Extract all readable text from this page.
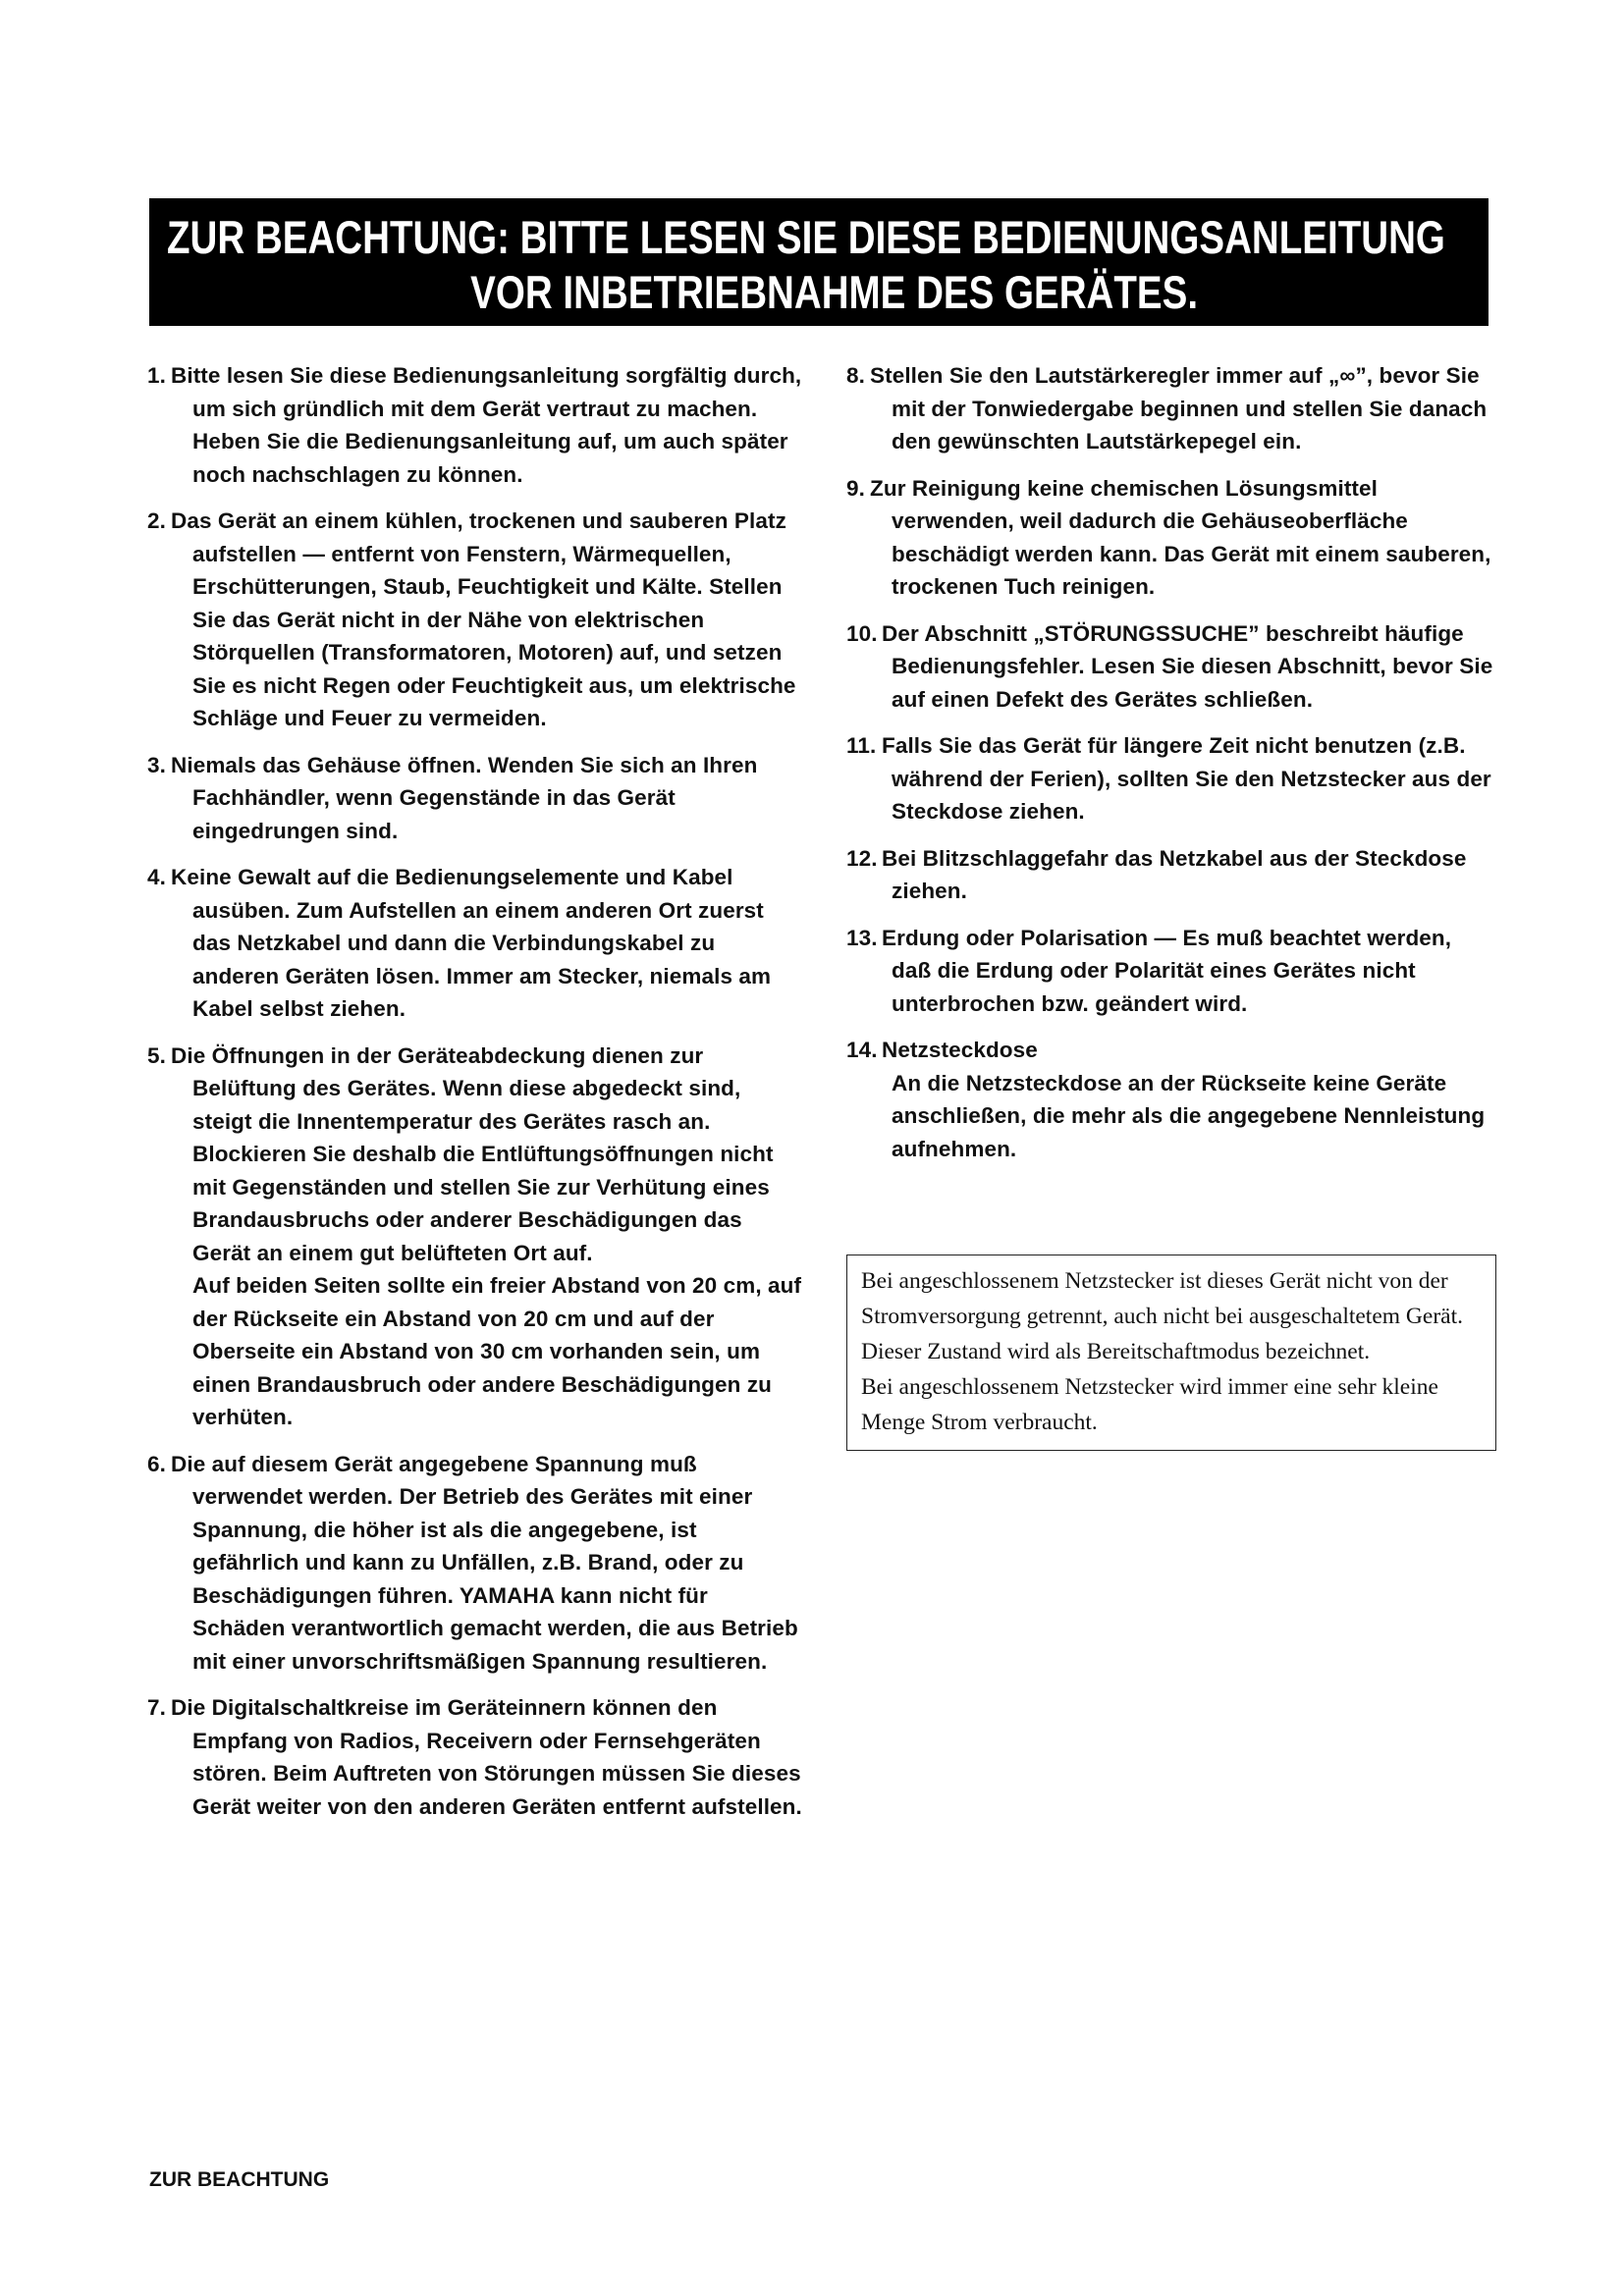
ZUR BEACHTUNG: BITTE LESEN SIE DIESE BEDIENUNGSANLEITUNG
VOR INBETRIEBNAHME DES GERÄTES.
1. Bitte lesen Sie diese Bedienungsanleitung sorgfältig durch, um sich gründlich mit dem Gerät vertraut zu machen. Heben Sie die Bedienungsanleitung auf, um auch später noch nachschlagen zu können.
2. Das Gerät an einem kühlen, trockenen und sauberen Platz aufstellen — entfernt von Fenstern, Wärmequellen, Erschütterungen, Staub, Feuchtigkeit und Kälte. Stellen Sie das Gerät nicht in der Nähe von elektrischen Störquellen (Transformatoren, Motoren) auf, und setzen Sie es nicht Regen oder Feuchtigkeit aus, um elektrische Schläge und Feuer zu vermeiden.
3. Niemals das Gehäuse öffnen. Wenden Sie sich an Ihren Fachhändler, wenn Gegenstände in das Gerät eingedrungen sind.
4. Keine Gewalt auf die Bedienungselemente und Kabel ausüben. Zum Aufstellen an einem anderen Ort zuerst das Netzkabel und dann die Verbindungskabel zu anderen Geräten lösen. Immer am Stecker, niemals am Kabel selbst ziehen.
5. Die Öffnungen in der Geräteabdeckung dienen zur Belüftung des Gerätes. Wenn diese abgedeckt sind, steigt die Innentemperatur des Gerätes rasch an. Blockieren Sie deshalb die Entlüftungsöffnungen nicht mit Gegenständen und stellen Sie zur Verhütung eines Brandausbruchs oder anderer Beschädigungen das Gerät an einem gut belüfteten Ort auf.

Auf beiden Seiten sollte ein freier Abstand von 20 cm, auf der Rückseite ein Abstand von 20 cm und auf der Oberseite ein Abstand von 30 cm vorhanden sein, um einen Brandausbruch oder andere Beschädigungen zu verhüten.

6. Die auf diesem Gerät angegebene Spannung muß verwendet werden. Der Betrieb des Gerätes mit einer Spannung, die höher ist als die angegebene, ist gefährlich und kann zu Unfällen, z.B. Brand, oder zu Beschädigungen führen. YAMAHA kann nicht für Schäden verantwortlich gemacht werden, die aus Betrieb mit einer unvorschriftsmäßigen Spannung resultieren.
7. Die Digitalschaltkreise im Geräteinnern können den Empfang von Radios, Receivern oder Fernsehgeräten stören. Beim Auftreten von Störungen müssen Sie dieses Gerät weiter von den anderen Geräten entfernt aufstellen.
8. Stellen Sie den Lautstärkeregler immer auf „∞”, bevor Sie mit der Tonwiedergabe beginnen und stellen Sie danach den gewünschten Lautstärkepegel ein.
9. Zur Reinigung keine chemischen Lösungsmittel verwenden, weil dadurch die Gehäuseoberfläche beschädigt werden kann. Das Gerät mit einem sauberen, trockenen Tuch reinigen.
10. Der Abschnitt „STÖRUNGSSUCHE” beschreibt häufige Bedienungsfehler. Lesen Sie diesen Abschnitt, bevor Sie auf einen Defekt des Gerätes schließen.
11. Falls Sie das Gerät für längere Zeit nicht benutzen (z.B. während der Ferien), sollten Sie den Netzstecker aus der Steckdose ziehen.
12. Bei Blitzschlaggefahr das Netzkabel aus der Steckdose ziehen.
13. Erdung oder Polarisation — Es muß beachtet werden, daß die Erdung oder Polarität eines Gerätes nicht unterbrochen bzw. geändert wird.
14. Netzsteckdose

An die Netzsteckdose an der Rückseite keine Geräte anschließen, die mehr als die angegebene Nennleistung aufnehmen.

Bei angeschlossenem Netzstecker ist dieses Gerät nicht von der Stromversorgung getrennt, auch nicht bei ausgeschaltetem Gerät. Dieser Zustand wird als Bereitschaftmodus bezeichnet.

Bei angeschlossenem Netzstecker wird immer eine sehr kleine Menge Strom verbraucht.

ZUR BEACHTUNG
